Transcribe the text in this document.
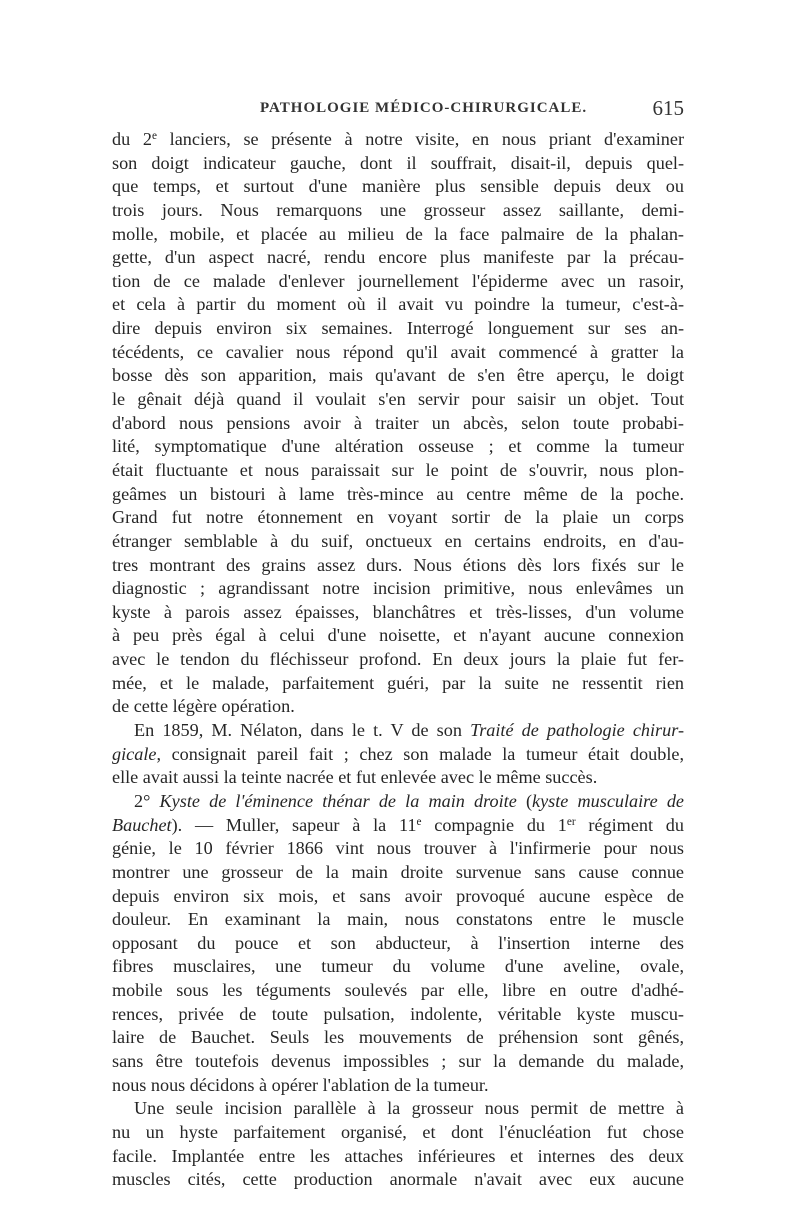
PATHOLOGIE MÉDICO-CHIRURGICALE.	615
du 2e lanciers, se présente à notre visite, en nous priant d'examiner
son doigt indicateur gauche, dont il souffrait, disait-il, depuis quel-
que temps, et surtout d'une manière plus sensible depuis deux ou
trois jours. Nous remarquons une grosseur assez saillante, demi-
molle, mobile, et placée au milieu de la face palmaire de la phalan-
gette, d'un aspect nacré, rendu encore plus manifeste par la précau-
tion de ce malade d'enlever journellement l'épiderme avec un rasoir,
et cela à partir du moment où il avait vu poindre la tumeur, c'est-à-
dire depuis environ six semaines. Interrogé longuement sur ses an-
técédents, ce cavalier nous répond qu'il avait commencé à gratter la
bosse dès son apparition, mais qu'avant de s'en être aperçu, le doigt
le gênait déjà quand il voulait s'en servir pour saisir un objet. Tout
d'abord nous pensions avoir à traiter un abcès, selon toute probabi-
lité, symptomatique d'une altération osseuse ; et comme la tumeur
était fluctuante et nous paraissait sur le point de s'ouvrir, nous plon-
geâmes un bistouri à lame très-mince au centre même de la poche.
Grand fut notre étonnement en voyant sortir de la plaie un corps
étranger semblable à du suif, onctueux en certains endroits, en d'au-
tres montrant des grains assez durs. Nous étions dès lors fixés sur le
diagnostic ; agrandissant notre incision primitive, nous enlevâmes un
kyste à parois assez épaisses, blanchâtres et très-lisses, d'un volume
à peu près égal à celui d'une noisette, et n'ayant aucune connexion
avec le tendon du fléchisseur profond. En deux jours la plaie fut fer-
mée, et le malade, parfaitement guéri, par la suite ne ressentit rien
de cette légère opération.
En 1859, M. Nélaton, dans le t. V de son Traité de pathologie chirur-
gicale, consignait pareil fait ; chez son malade la tumeur était double,
elle avait aussi la teinte nacrée et fut enlevée avec le même succès.
2° Kyste de l'éminence thénar de la main droite (kyste musculaire de
Bauchet). — Muller, sapeur à la 11e compagnie du 1er régiment du
génie, le 10 février 1866 vint nous trouver à l'infirmerie pour nous
montrer une grosseur de la main droite survenue sans cause connue
depuis environ six mois, et sans avoir provoqué aucune espèce de
douleur. En examinant la main, nous constatons entre le muscle
opposant du pouce et son abducteur, à l'insertion interne des
fibres musclaires, une tumeur du volume d'une aveline, ovale,
mobile sous les téguments soulevés par elle, libre en outre d'adhé-
rences, privée de toute pulsation, indolente, véritable kyste muscu-
laire de Bauchet. Seuls les mouvements de préhension sont gênés,
sans être toutefois devenus impossibles ; sur la demande du malade,
nous nous décidons à opérer l'ablation de la tumeur.
Une seule incision parallèle à la grosseur nous permit de mettre à
nu un hyste parfaitement organisé, et dont l'énucléation fut chose
facile. Implantée entre les attaches inférieures et internes des deux
muscles cités, cette production anormale n'avait avec eux aucune
